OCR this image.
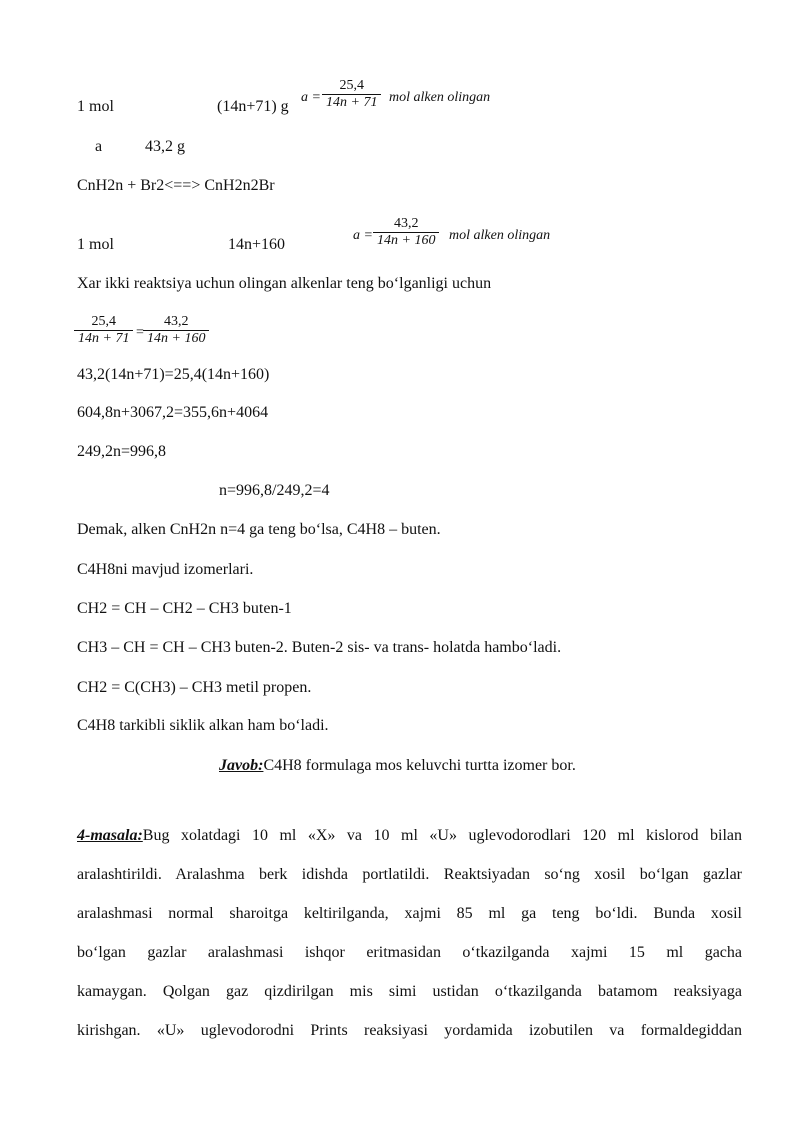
1 mol	(14n+71) g
$a = \frac{25,4}{14n + 71}$ mol alken olingan
a	43,2 g
CnH2n + Br2<==> CnH2n2Br
1 mol	14n+160
$a = \frac{43,2}{14n + 160}$ mol alken olingan
Xar ikki reaktsiya uchun olingan alkenlar teng bo‘lganligi uchun
$\frac{25,4}{14n + 71} = \frac{43,2}{14n + 160}$
43,2(14n+71)=25,4(14n+160)
604,8n+3067,2=355,6n+4064
249,2n=996,8
n=996,8/249,2=4
Demak, alken CnH2n n=4 ga teng bo‘lsa, C4H8 – buten.
C4H8ni mavjud izomerlari.
CH2 = CH – CH2 – CH3 buten-1
CH3 – CH = CH – CH3 buten-2. Buten-2 sis- va trans- holatda hambo‘ladi.
CH2 = C(CH3) – CH3 metil propen.
C4H8 tarkibli siklik alkan ham bo‘ladi.
Javob:C4H8 formulaga mos keluvchi turtta izomer bor.
4-masala:Bug xolatdagi 10 ml «X» va 10 ml «U» uglevodorodlari 120 ml kislorod bilan
aralashtirildi. Aralashma berk idishda portlatildi. Reaktsiyadan so‘ng xosil bo‘lgan gazlar
aralashmasi normal sharoitga keltirilganda, xajmi 85 ml ga teng bo‘ldi. Bunda xosil
bo‘lgan gazlar aralashmasi ishqor eritmasidan o‘tkazilganda xajmi 15 ml gacha
kamaygan. Qolgan gaz qizdirilgan mis simi ustidan o‘tkazilganda batamom reaksiyaga
kirishgan. «U» uglevodorodni Prints reaksiyasi yordamida izobutilen va formaldegiddan
